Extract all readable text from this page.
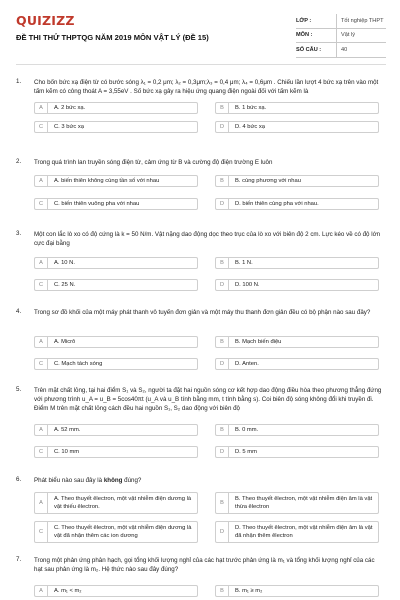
QUIZIZZ
ĐỀ THI THỬ THPTQG NĂM 2019 MÔN VẬT LÝ (ĐỀ 15)
LỚP :	Tốt nghiệp THPT
MÔN :	Vật lý
SỐ CÂU :	40
1. Cho bốn bức xạ điện từ có bước sóng λ₁ = 0,2 μm; λ₂ = 0,3μm;λ₃ = 0,4 μm; λ₄ = 0,6μm . Chiếu lần lượt 4 bức xạ trên vào một tấm kẽm có công thoát A = 3,55eV . Số bức xạ gây ra hiệu ứng quang điện ngoài đối với tấm kẽm là
A	A. 2 bức xạ.	B	B. 1 bức xạ.
C	C. 3 bức xạ	D	D. 4 bức xạ
2. Trong quá trình lan truyền sóng điện từ, cảm ứng từ B và cường độ điện trường E luôn
A	A. biến thiên không cùng tần số với nhau	B	B. cùng phương với nhau
C	C. biến thiên vuông pha với nhau	D	D. biến thiên cùng pha với nhau.
3. Một con lắc lò xo có độ cứng là k = 50 N/m. Vật nặng dao động dọc theo trục của lò xo với biên độ 2 cm. Lực kéo về có độ lớn cực đại bằng
A	A. 10 N.	B	B. 1 N.
C	C. 25 N.	D	D. 100 N.
4. Trong sơ đồ khối của một máy phát thanh vô tuyến đơn giản và một máy thu thanh đơn giản đều có bộ phận nào sau đây?
A	A. Micrô	B	B. Mạch biến điệu
C	C. Mạch tách sóng	D	D. Anten.
5. Trên mặt chất lỏng, tại hai điểm S₁ và S₂, người ta đặt hai nguồn sóng cơ kết hợp dao động điều hòa theo phương thẳng đứng với phương trình u_A = u_B = 5cos40πt (u_A và u_B tính bằng mm, t tính bằng s). Coi biên độ sóng không đổi khi truyền đi. Điểm M trên mặt chất lỏng cách đều hai nguồn S₁, S₂ dao động với biên độ
A	A. 52 mm.	B	B. 0 mm.
C	C. 10 mm	D	D. 5 mm
6. Phát biểu nào sau đây là không đúng?
A
A. Theo thuyết êlectron, một vật nhiễm điện dương là vật thiếu êlectron.
B
B. Theo thuyết êlectron, một vật nhiễm điện âm là vật thừa êlectron
C
C. Theo thuyết êlectron, một vật nhiễm điện dương là vật đã nhận thêm các ion dương
D
D. Theo thuyết êlectron, một vật nhiễm điện âm là vật đã nhận thêm êlectron
7. Trong một phản ứng phân hạch, gọi tổng khối lượng nghỉ của các hạt trước phản ứng là m₁ và tổng khối lượng nghỉ của các hạt sau phản ứng là m₂. Hệ thức nào sau đây đúng?
A	A. m₁ < m₂	B	B. m₁ ≥ m₂
